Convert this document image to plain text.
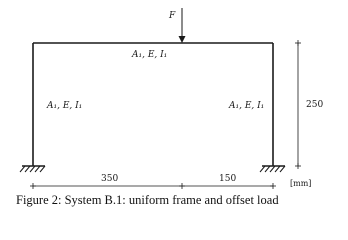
F
A₁, E, I₁
A₁, E, I₁	A₁, E, I₁	250
350	150	[mm]
Figure 2: System B.1: uniform frame and offset load
